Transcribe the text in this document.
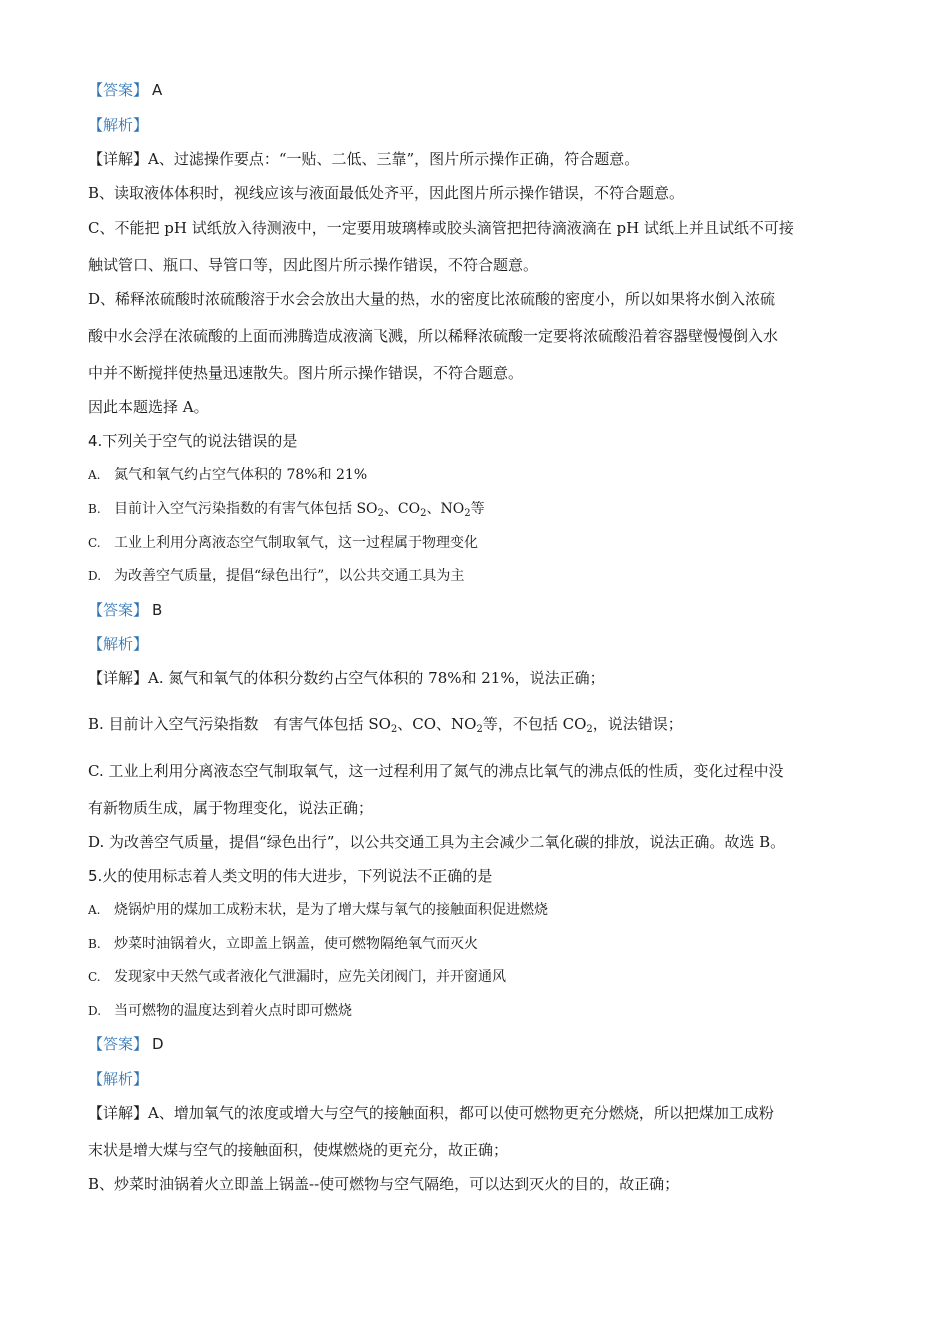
【答案】 A
【解析】
【详解】A、过滤操作要点：“一贴、二低、三靠”，图片所示操作正确，符合题意。
B、读取液体体积时，视线应该与液面最低处齐平，因此图片所示操作错误，不符合题意。
C、不能把 pH 试纸放入待测液中，一定要用玻璃棒或胶头滴管把把待滴液滴在 pH 试纸上并且试纸不可接
触试管口、瓶口、导管口等，因此图片所示操作错误，不符合题意。
D、稀释浓硫酸时浓硫酸溶于水会会放出大量的热，水的密度比浓硫酸的密度小，所以如果将水倒入浓硫
酸中水会浮在浓硫酸的上面而沸腾造成液滴飞溅，所以稀释浓硫酸一定要将浓硫酸沿着容器壁慢慢倒入水
中并不断搅拌使热量迅速散失。图片所示操作错误，不符合题意。
因此本题选择 A。
4.下列关于空气的说法错误的是
A. 氮气和氧气约占空气体积的 78%和 21%
B. 目前计入空气污染指数的有害气体包括 $SO_2$、$CO_2$、$NO_2$等
C. 工业上利用分离液态空气制取氧气，这一过程属于物理变化
D. 为改善空气质量，提倡“绿色出行”，以公共交通工具为主
【答案】 B
【解析】
【详解】A. 氮气和氧气的体积分数约占空气体积的 78%和 21%，说法正确；
B. 目前计入空气污染指数　有害气体包括 $SO_2$、CO、$NO_2$等，不包括 $CO_2$，说法错误；
C. 工业上利用分离液态空气制取氧气，这一过程利用了氮气的沸点比氧气的沸点低的性质，变化过程中没
有新物质生成，属于物理变化，说法正确；
D. 为改善空气质量，提倡“绿色出行”，以公共交通工具为主会减少二氧化碳的排放，说法正确。故选 B。
5.火的使用标志着人类文明的伟大进步，下列说法不正确的是
A. 烧锅炉用的煤加工成粉末状，是为了增大煤与氧气的接触面积促进燃烧
B. 炒菜时油锅着火，立即盖上锅盖，使可燃物隔绝氧气而灭火
C. 发现家中天然气或者液化气泄漏时，应先关闭阀门，并开窗通风
D. 当可燃物的温度达到着火点时即可燃烧
【答案】 D
【解析】
【详解】A、增加氧气的浓度或增大与空气的接触面积，都可以使可燃物更充分燃烧，所以把煤加工成粉
末状是增大煤与空气的接触面积，使煤燃烧的更充分，故正确；
B、炒菜时油锅着火立即盖上锅盖--使可燃物与空气隔绝，可以达到灭火的目的，故正确；
